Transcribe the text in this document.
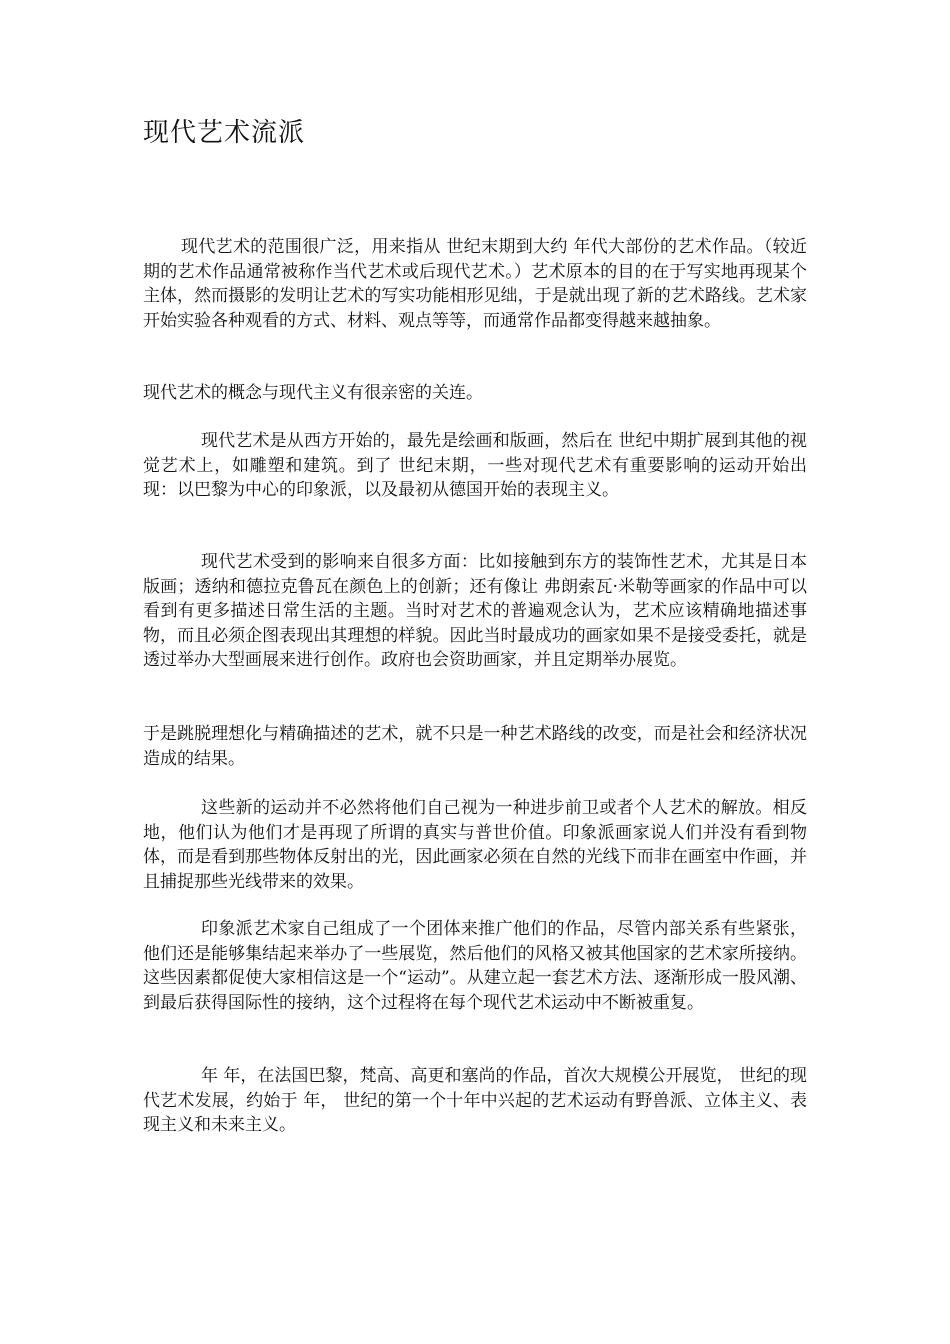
现代艺术流派

现代艺术的范围很广泛，用来指从 世纪末期到大约 年代大部份的艺术作品。（较近期的艺术作品通常被称作当代艺术或后现代艺术。）艺术原本的目的在于写实地再现某个主体，然而摄影的发明让艺术的写实功能相形见绌，于是就出现了新的艺术路线。艺术家开始实验各种观看的方式、材料、观点等等，而通常作品都变得越来越抽象。

现代艺术的概念与现代主义有很亲密的关连。

现代艺术是从西方开始的，最先是绘画和版画，然后在 世纪中期扩展到其他的视觉艺术上，如雕塑和建筑。到了 世纪末期，一些对现代艺术有重要影响的运动开始出现：以巴黎为中心的印象派，以及最初从德国开始的表现主义。

现代艺术受到的影响来自很多方面：比如接触到东方的装饰性艺术，尤其是日本版画；透纳和德拉克鲁瓦在颜色上的创新；还有像让 弗朗索瓦·米勒等画家的作品中可以看到有更多描述日常生活的主题。当时对艺术的普遍观念认为，艺术应该精确地描述事物，而且必须企图表现出其理想的样貌。因此当时最成功的画家如果不是接受委托，就是透过举办大型画展来进行创作。政府也会资助画家，并且定期举办展览。

于是跳脱理想化与精确描述的艺术，就不只是一种艺术路线的改变，而是社会和经济状况造成的结果。

这些新的运动并不必然将他们自己视为一种进步前卫或者个人艺术的解放。相反地，他们认为他们才是再现了所谓的真实与普世价值。印象派画家说人们并没有看到物体，而是看到那些物体反射出的光，因此画家必须在自然的光线下而非在画室中作画，并且捕捉那些光线带来的效果。

印象派艺术家自己组成了一个团体来推广他们的作品，尽管内部关系有些紧张，他们还是能够集结起来举办了一些展览，然后他们的风格又被其他国家的艺术家所接纳。这些因素都促使大家相信这是一个“运动”。从建立起一套艺术方法、逐渐形成一股风潮、到最后获得国际性的接纳，这个过程将在每个现代艺术运动中不断被重复。

年 年，在法国巴黎，梵高、高更和塞尚的作品，首次大规模公开展览， 世纪的现代艺术发展，约始于 年， 世纪的第一个十年中兴起的艺术运动有野兽派、立体主义、表现主义和未来主义。
